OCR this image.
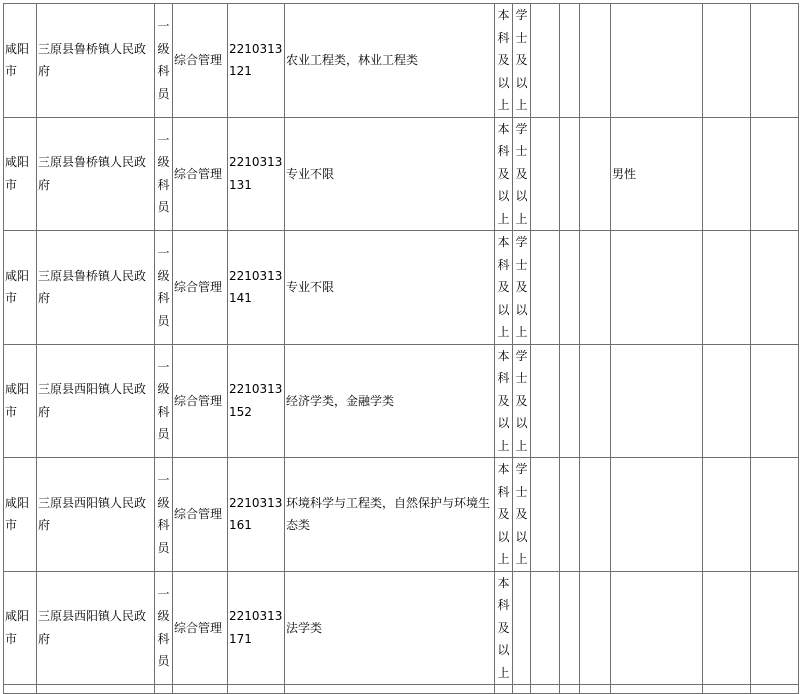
咸阳市	三原县鲁桥镇人民政府	一级科员	综合管理	2210313121	农业工程类，林业工程类	本科及以上	学士及以上						
咸阳市	三原县鲁桥镇人民政府	一级科员	综合管理	2210313131	专业不限	本科及以上	学士及以上				男性		
咸阳市	三原县鲁桥镇人民政府	一级科员	综合管理	2210313141	专业不限	本科及以上	学士及以上						
咸阳市	三原县西阳镇人民政府	一级科员	综合管理	2210313152	经济学类，金融学类	本科及以上	学士及以上						
咸阳市	三原县西阳镇人民政府	一级科员	综合管理	2210313161	环境科学与工程类，自然保护与环境生态类	本科及以上	学士及以上						
咸阳市	三原县西阳镇人民政府	一级科员	综合管理	2210313171	法学类	本科及以上							
